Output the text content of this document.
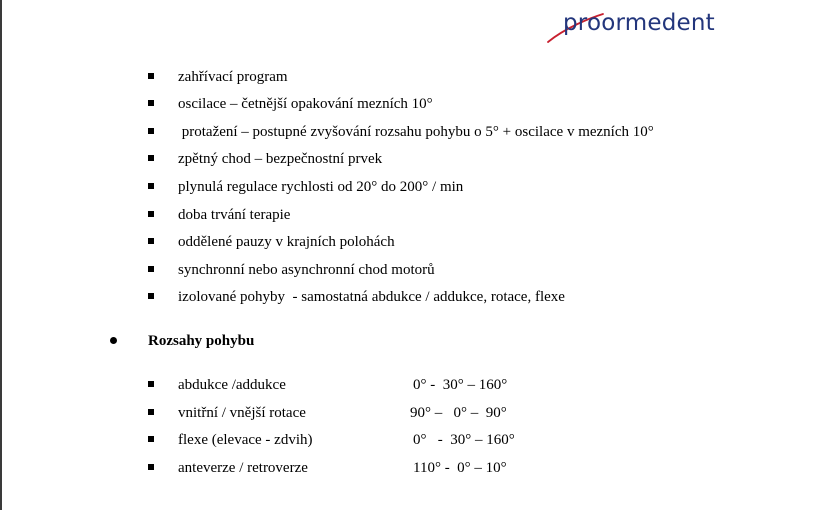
proormedent
zahřívací program
oscilace – četnější opakování mezních 10°
protažení – postupné zvyšování rozsahu pohybu o 5° + oscilace v mezních 10°
zpětný chod – bezpečnostní prvek
plynulá regulace rychlosti od 20° do 200° / min
doba trvání terapie
oddělené pauzy v krajních polohách
synchronní nebo asynchronní chod motorů
izolované pohyby  - samostatná abdukce / addukce, rotace, flexe
Rozsahy pohybu
abdukce /addukce	0° -  30° – 160°
vnitřní / vnější rotace	90° –   0° –  90°
flexe (elevace - zdvih)	0°   -  30° – 160°
anteverze / retroverze	110° -  0° – 10°
